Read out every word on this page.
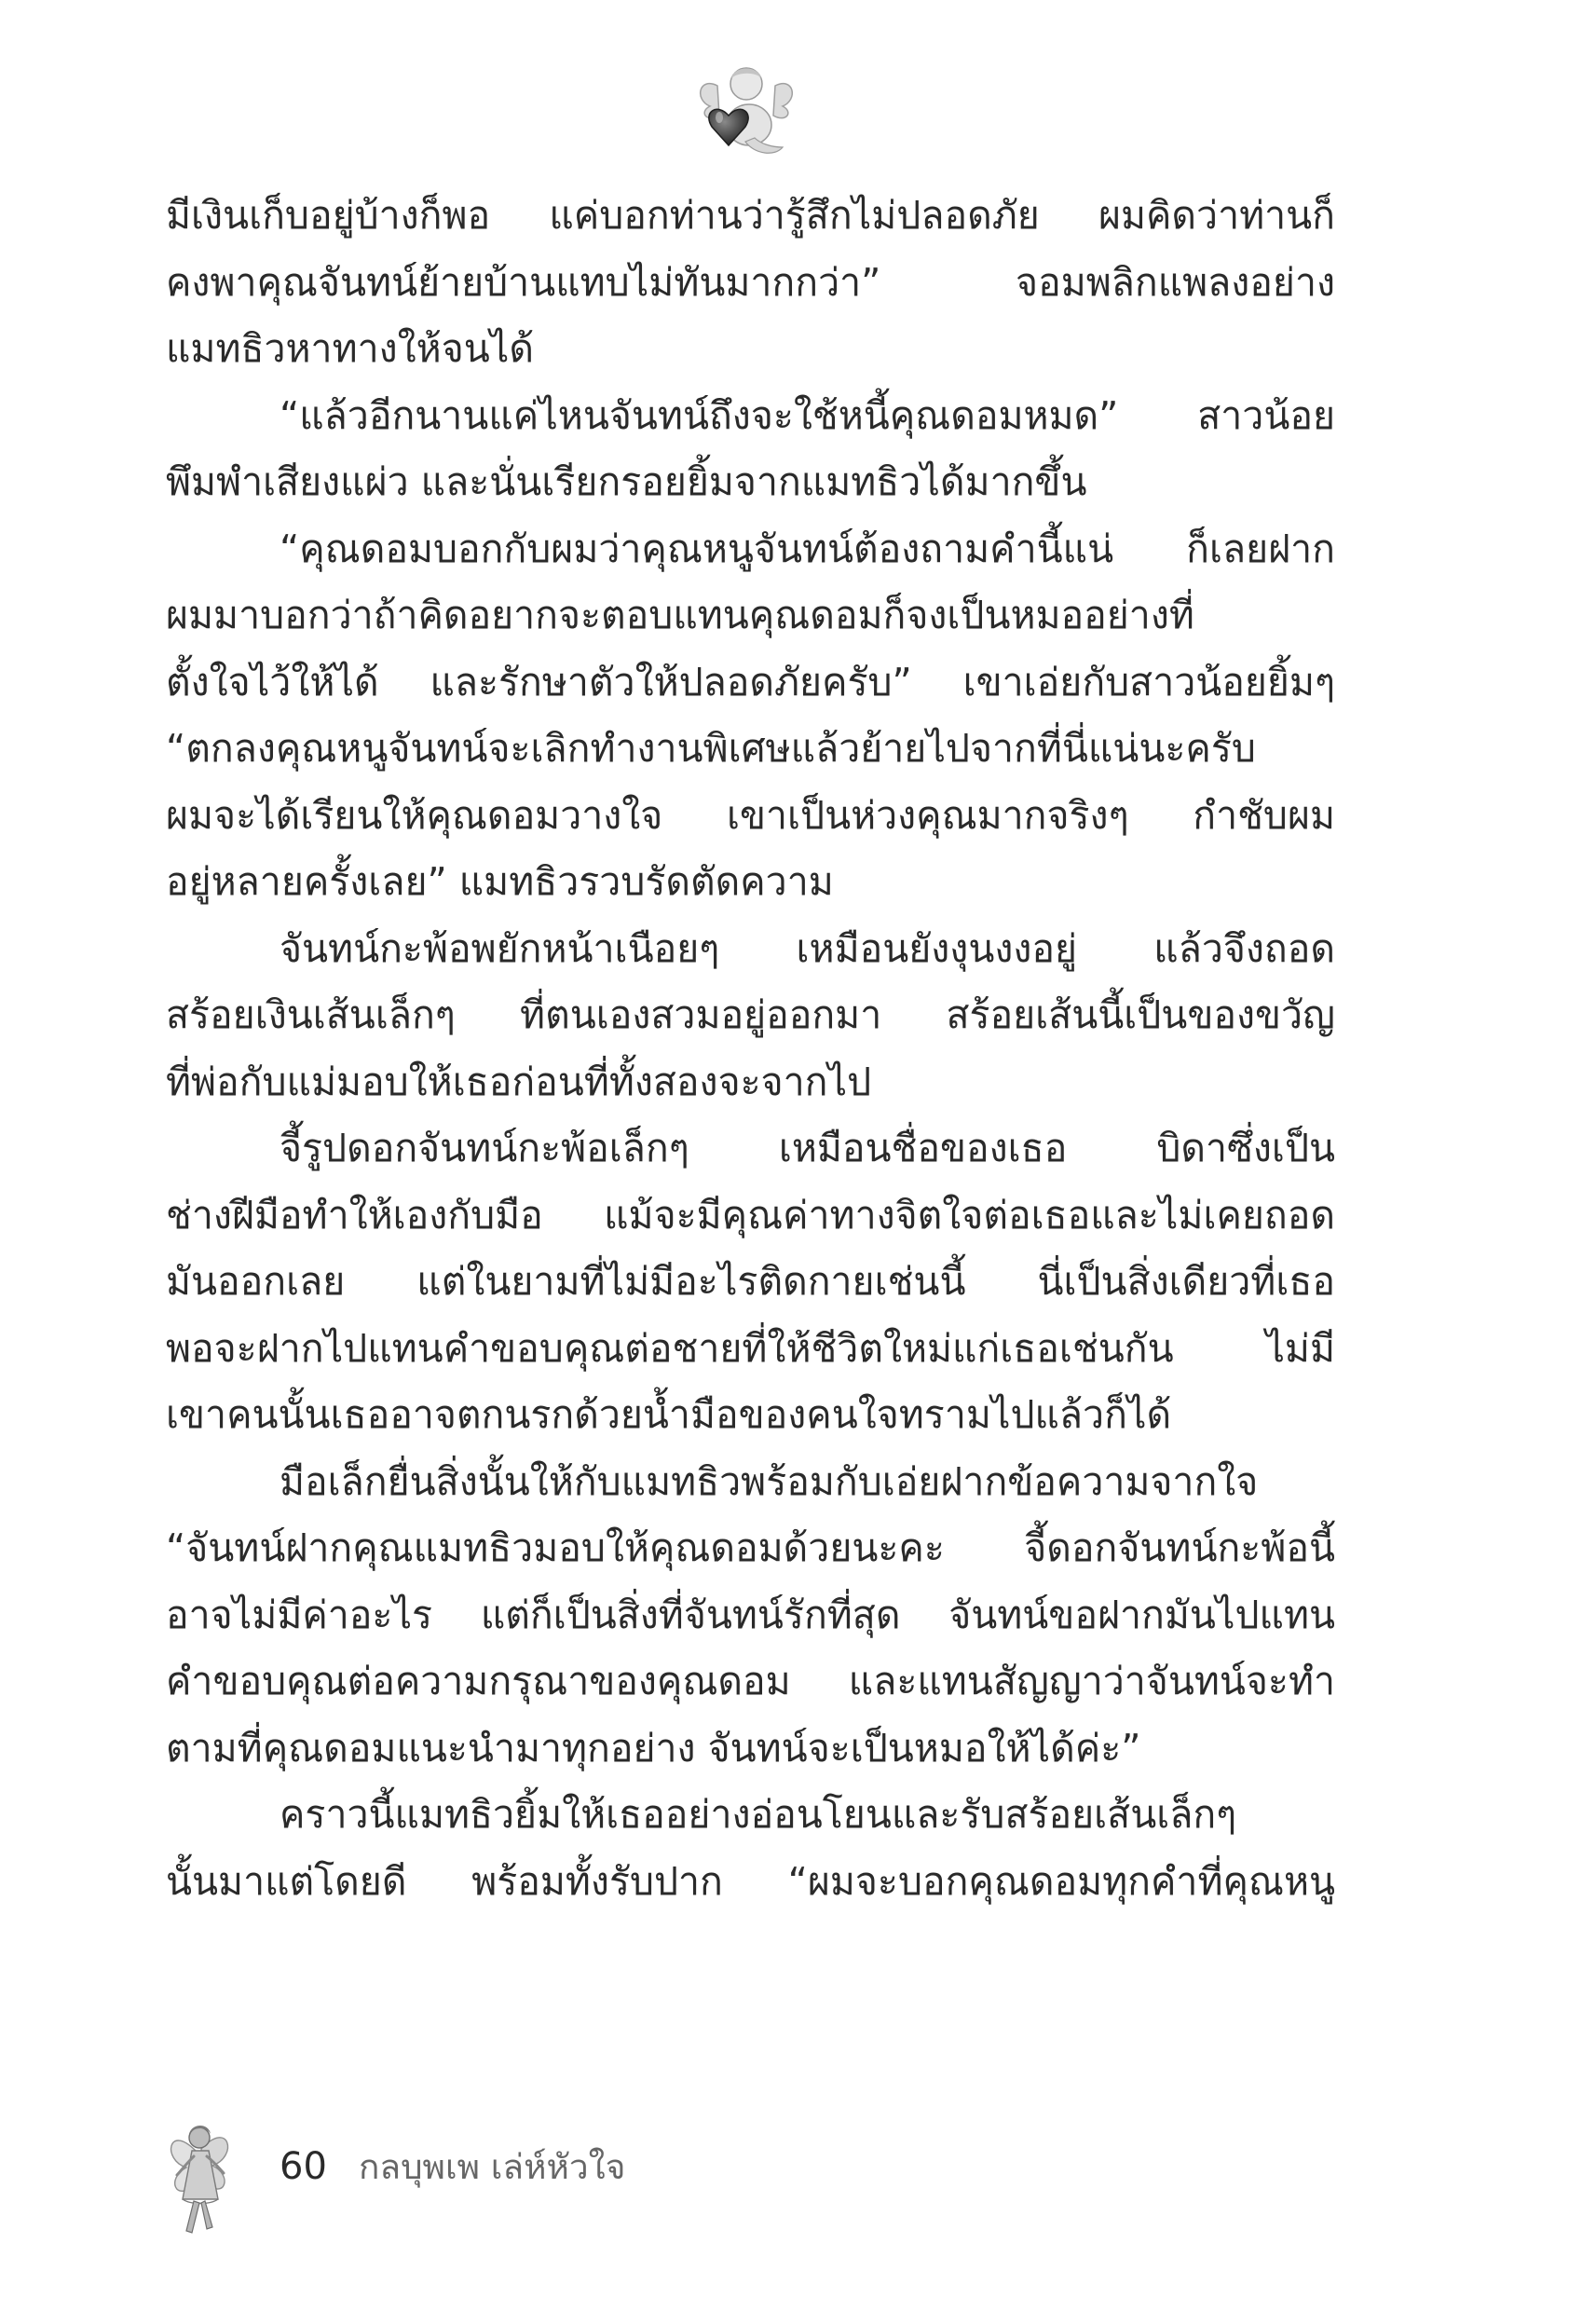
มีเงินเก็บอยู่บ้างก็พอ แค่บอกท่านว่ารู้สึกไม่ปลอดภัย ผมคิดว่าท่านก็
คงพาคุณจันทน์ย้ายบ้านแทบไม่ทันมากกว่า” จอมพลิกแพลงอย่าง
แมทธิวหาทางให้จนได้
“แล้วอีกนานแค่ไหนจันทน์ถึงจะใช้หนี้คุณดอมหมด” สาวน้อย
พึมพำเสียงแผ่ว และนั่นเรียกรอยยิ้มจากแมทธิวได้มากขึ้น
“คุณดอมบอกกับผมว่าคุณหนูจันทน์ต้องถามคำนี้แน่ ก็เลยฝาก
ผมมาบอกว่าถ้าคิดอยากจะตอบแทนคุณดอมก็จงเป็นหมออย่างที่
ตั้งใจไว้ให้ได้ และรักษาตัวให้ปลอดภัยครับ” เขาเอ่ยกับสาวน้อยยิ้มๆ
“ตกลงคุณหนูจันทน์จะเลิกทำงานพิเศษแล้วย้ายไปจากที่นี่แน่นะครับ
ผมจะได้เรียนให้คุณดอมวางใจ เขาเป็นห่วงคุณมากจริงๆ กำชับผม
อยู่หลายครั้งเลย” แมทธิวรวบรัดตัดความ
จันทน์กะพ้อพยักหน้าเนือยๆ เหมือนยังงุนงงอยู่ แล้วจึงถอด
สร้อยเงินเส้นเล็กๆ ที่ตนเองสวมอยู่ออกมา สร้อยเส้นนี้เป็นของขวัญ
ที่พ่อกับแม่มอบให้เธอก่อนที่ทั้งสองจะจากไป
จี้รูปดอกจันทน์กะพ้อเล็กๆ เหมือนชื่อของเธอ บิดาซึ่งเป็น
ช่างฝีมือทำให้เองกับมือ แม้จะมีคุณค่าทางจิตใจต่อเธอและไม่เคยถอด
มันออกเลย แต่ในยามที่ไม่มีอะไรติดกายเช่นนี้ นี่เป็นสิ่งเดียวที่เธอ
พอจะฝากไปแทนคำขอบคุณต่อชายที่ให้ชีวิตใหม่แก่เธอเช่นกัน ไม่มี
เขาคนนั้นเธออาจตกนรกด้วยน้ำมือของคนใจทรามไปแล้วก็ได้
มือเล็กยื่นสิ่งนั้นให้กับแมทธิวพร้อมกับเอ่ยฝากข้อความจากใจ
“จันทน์ฝากคุณแมทธิวมอบให้คุณดอมด้วยนะคะ จี้ดอกจันทน์กะพ้อนี้
อาจไม่มีค่าอะไร แต่ก็เป็นสิ่งที่จันทน์รักที่สุด จันทน์ขอฝากมันไปแทน
คำขอบคุณต่อความกรุณาของคุณดอม และแทนสัญญาว่าจันทน์จะทำ
ตามที่คุณดอมแนะนำมาทุกอย่าง จันทน์จะเป็นหมอให้ได้ค่ะ”
คราวนี้แมทธิวยิ้มให้เธออย่างอ่อนโยนและรับสร้อยเส้นเล็กๆ
นั้นมาแต่โดยดี พร้อมทั้งรับปาก “ผมจะบอกคุณดอมทุกคำที่คุณหนู
60 กลบุพเพ เล่ห์หัวใจ
